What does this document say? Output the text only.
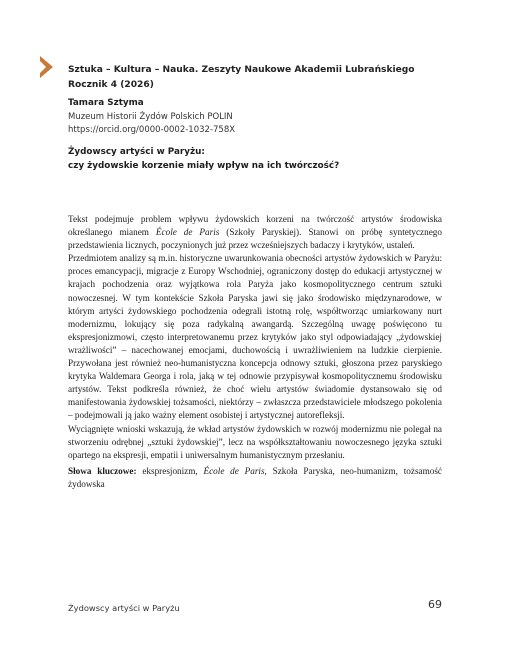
Sztuka – Kultura – Nauka. Zeszyty Naukowe Akademii Lubrańskiego
Rocznik 4 (2026)
Tamara Sztyma
Muzeum Historii Żydów Polskich POLIN
https://orcid.org/0000-0002-1032-758X
Żydowscy artyści w Paryżu:
czy żydowskie korzenie miały wpływ na ich twórczość?

Tekst podejmuje problem wpływu żydowskich korzeni na twórczość artystów środowiska określanego mianem École de Paris (Szkoły Paryskiej). Stanowi on próbę syntetycznego przedstawienia licznych, poczynionych już przez wcześniejszych badaczy i krytyków, ustaleń.

Przedmiotem analizy są m.in. historyczne uwarunkowania obecności artystów żydowskich w Paryżu: proces emancypacji, migracje z Europy Wschodniej, ograniczony dostęp do edukacji artystycznej w krajach pochodzenia oraz wyjątkowa rola Paryża jako kosmopolitycznego centrum sztuki nowoczesnej. W tym kontekście Szkoła Paryska jawi się jako środowisko międzynarodowe, w którym artyści żydowskiego pochodzenia odegrali istotną rolę, współtworząc umiarkowany nurt modernizmu, lokujący się poza radykalną awangardą. Szczególną uwagę poświęcono tu ekspresjonizmowi, często interpretowanemu przez krytyków jako styl odpowiadający „żydowskiej wrażliwości” – nacechowanej emocjami, duchowością i uwrażliwieniem na ludzkie cierpienie. Przywołana jest również neo-humanistyczna koncepcja odnowy sztuki, głoszona przez paryskiego krytyka Waldemara Georga i rola, jaką w tej odnowie przypisywał kosmopolitycznemu środowisku artystów. Tekst podkreśla również, że choć wielu artystów świadomie dystansowało się od manifestowania żydowskiej tożsamości, niektórzy – zwłaszcza przedstawiciele młodszego pokolenia – podejmowali ją jako ważny element osobistej i artystycznej autorefleksji.

Wyciągnięte wnioski wskazują, że wkład artystów żydowskich w rozwój modernizmu nie polegał na stworzeniu odrębnej „sztuki żydowskiej”, lecz na współkształtowaniu nowoczesnego języka sztuki opartego na ekspresji, empatii i uniwersalnym humanistycznym przesłaniu.

Słowa kluczowe: ekspresjonizm, École de Paris, Szkoła Paryska, neo-humanizm, tożsamość żydowska

Żydowscy artyści w Paryżu	69
